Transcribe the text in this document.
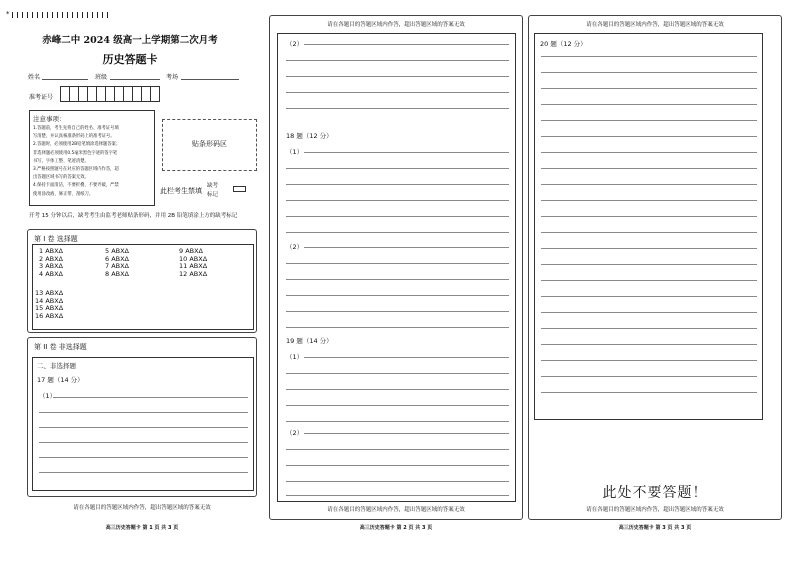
*
赤峰二中 2024 级高一上学期第二次月考
历史答题卡
姓名	班级	考场
准考证号
注意事项：
1.答题前，考生先将自己的姓名、准考证号填
写清楚，并认真核准条形码上的准考证号。
2.答题时，必须使用2B铅笔填涂选择题答案；
非选择题必须使用0.5毫米黑色字迹的签字笔
书写，字体工整、笔迹清楚。
3.严格按照题号在对应的答题区域内作答，超
出答题区域书写的答案无效。
4.保持卡面清洁，不要折叠、不要弄破，严禁
使用涂改液、修正带、刮纸刀。
贴条形码区
此栏考生禁填
缺考
标记
开考 15 分钟以后，缺考考生由监考老师贴条形码，并用 2B 铅笔填涂上方的缺考标记
第 I 卷 选择题
1 ABXΔ
2 ABXΔ
3 ABXΔ
4 ABXΔ
5 ABXΔ
6 ABXΔ
7 ABXΔ
8 ABXΔ
9 ABXΔ
10 ABXΔ
11 ABXΔ
12 ABXΔ
13 ABXΔ
14 ABXΔ
15 ABXΔ
16 ABXΔ
第 II 卷 非选择题
二、非选择题
17 题（14 分）
（1）
请在各题目的答题区域内作答，超出答题区域的答案无效
高三历史答题卡 第 1 页 共 3 页
请在各题目的答题区域内作答，超出答题区域的答案无效
（2）
18 题（12 分）
（1）
（2）
19 题（14 分）
（1）
（2）
请在各题目的答题区域内作答，超出答题区域的答案无效
高三历史答题卡 第 2 页 共 3 页
请在各题目的答题区域内作答，超出答题区域的答案无效
20 题（12 分）
此处不要答题！
请在各题目的答题区域内作答，超出答题区域的答案无效
高三历史答题卡 第 3 页 共 3 页
